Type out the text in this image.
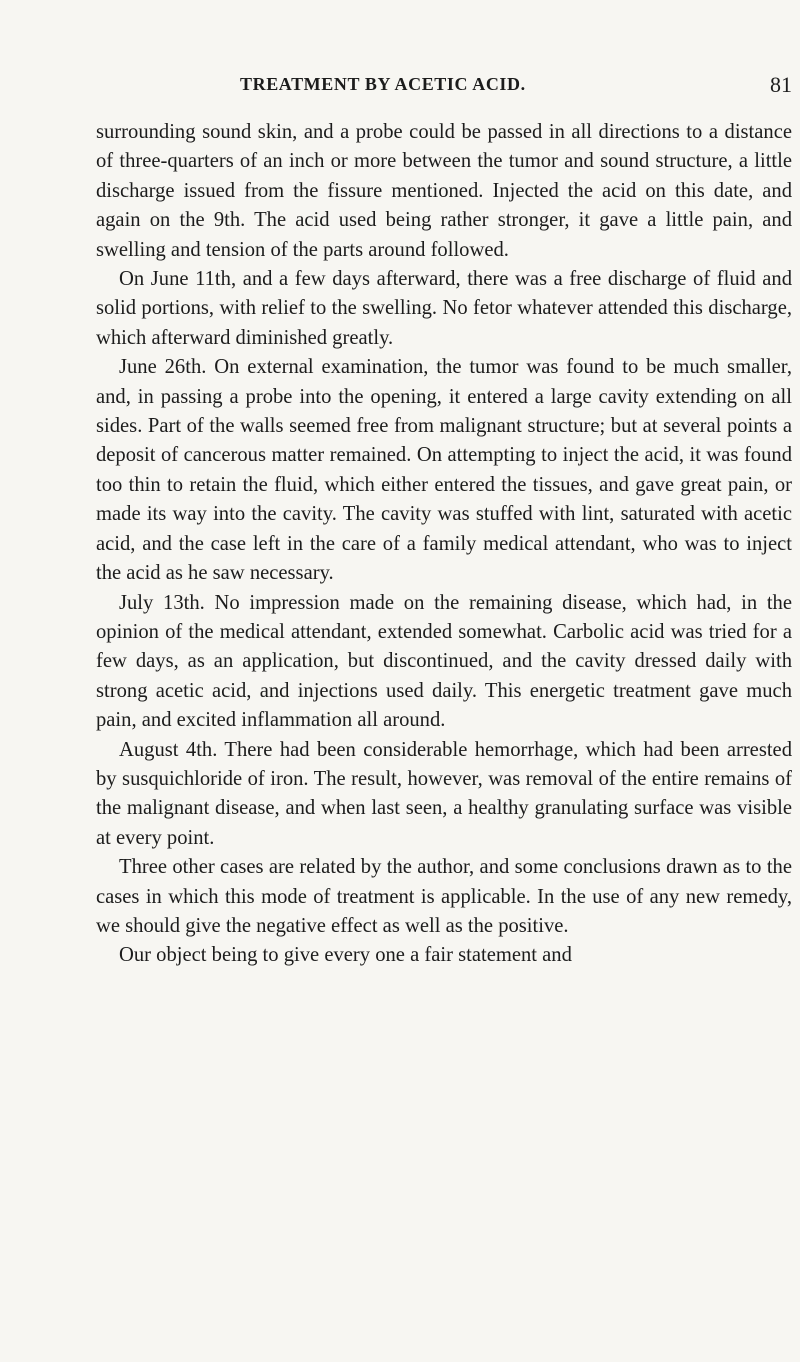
TREATMENT BY ACETIC ACID.	81

surrounding sound skin, and a probe could be passed in all directions to a distance of three-quarters of an inch or more between the tumor and sound structure, a little discharge issued from the fissure mentioned. Injected the acid on this date, and again on the 9th. The acid used being rather stronger, it gave a little pain, and swelling and tension of the parts around followed.

On June 11th, and a few days afterward, there was a free discharge of fluid and solid portions, with relief to the swelling. No fetor whatever attended this discharge, which afterward diminished greatly.

June 26th. On external examination, the tumor was found to be much smaller, and, in passing a probe into the opening, it entered a large cavity extending on all sides. Part of the walls seemed free from malignant structure; but at several points a deposit of cancerous matter remained. On attempting to inject the acid, it was found too thin to retain the fluid, which either entered the tissues, and gave great pain, or made its way into the cavity. The cavity was stuffed with lint, saturated with acetic acid, and the case left in the care of a family medical attendant, who was to inject the acid as he saw necessary.

July 13th. No impression made on the remaining disease, which had, in the opinion of the medical attendant, extended somewhat. Carbolic acid was tried for a few days, as an application, but discontinued, and the cavity dressed daily with strong acetic acid, and injections used daily. This energetic treatment gave much pain, and excited inflammation all around.

August 4th. There had been considerable hemorrhage, which had been arrested by susquichloride of iron. The result, however, was removal of the entire remains of the malignant disease, and when last seen, a healthy granulating surface was visible at every point.

Three other cases are related by the author, and some conclusions drawn as to the cases in which this mode of treatment is applicable. In the use of any new remedy, we should give the negative effect as well as the positive.

Our object being to give every one a fair statement and
